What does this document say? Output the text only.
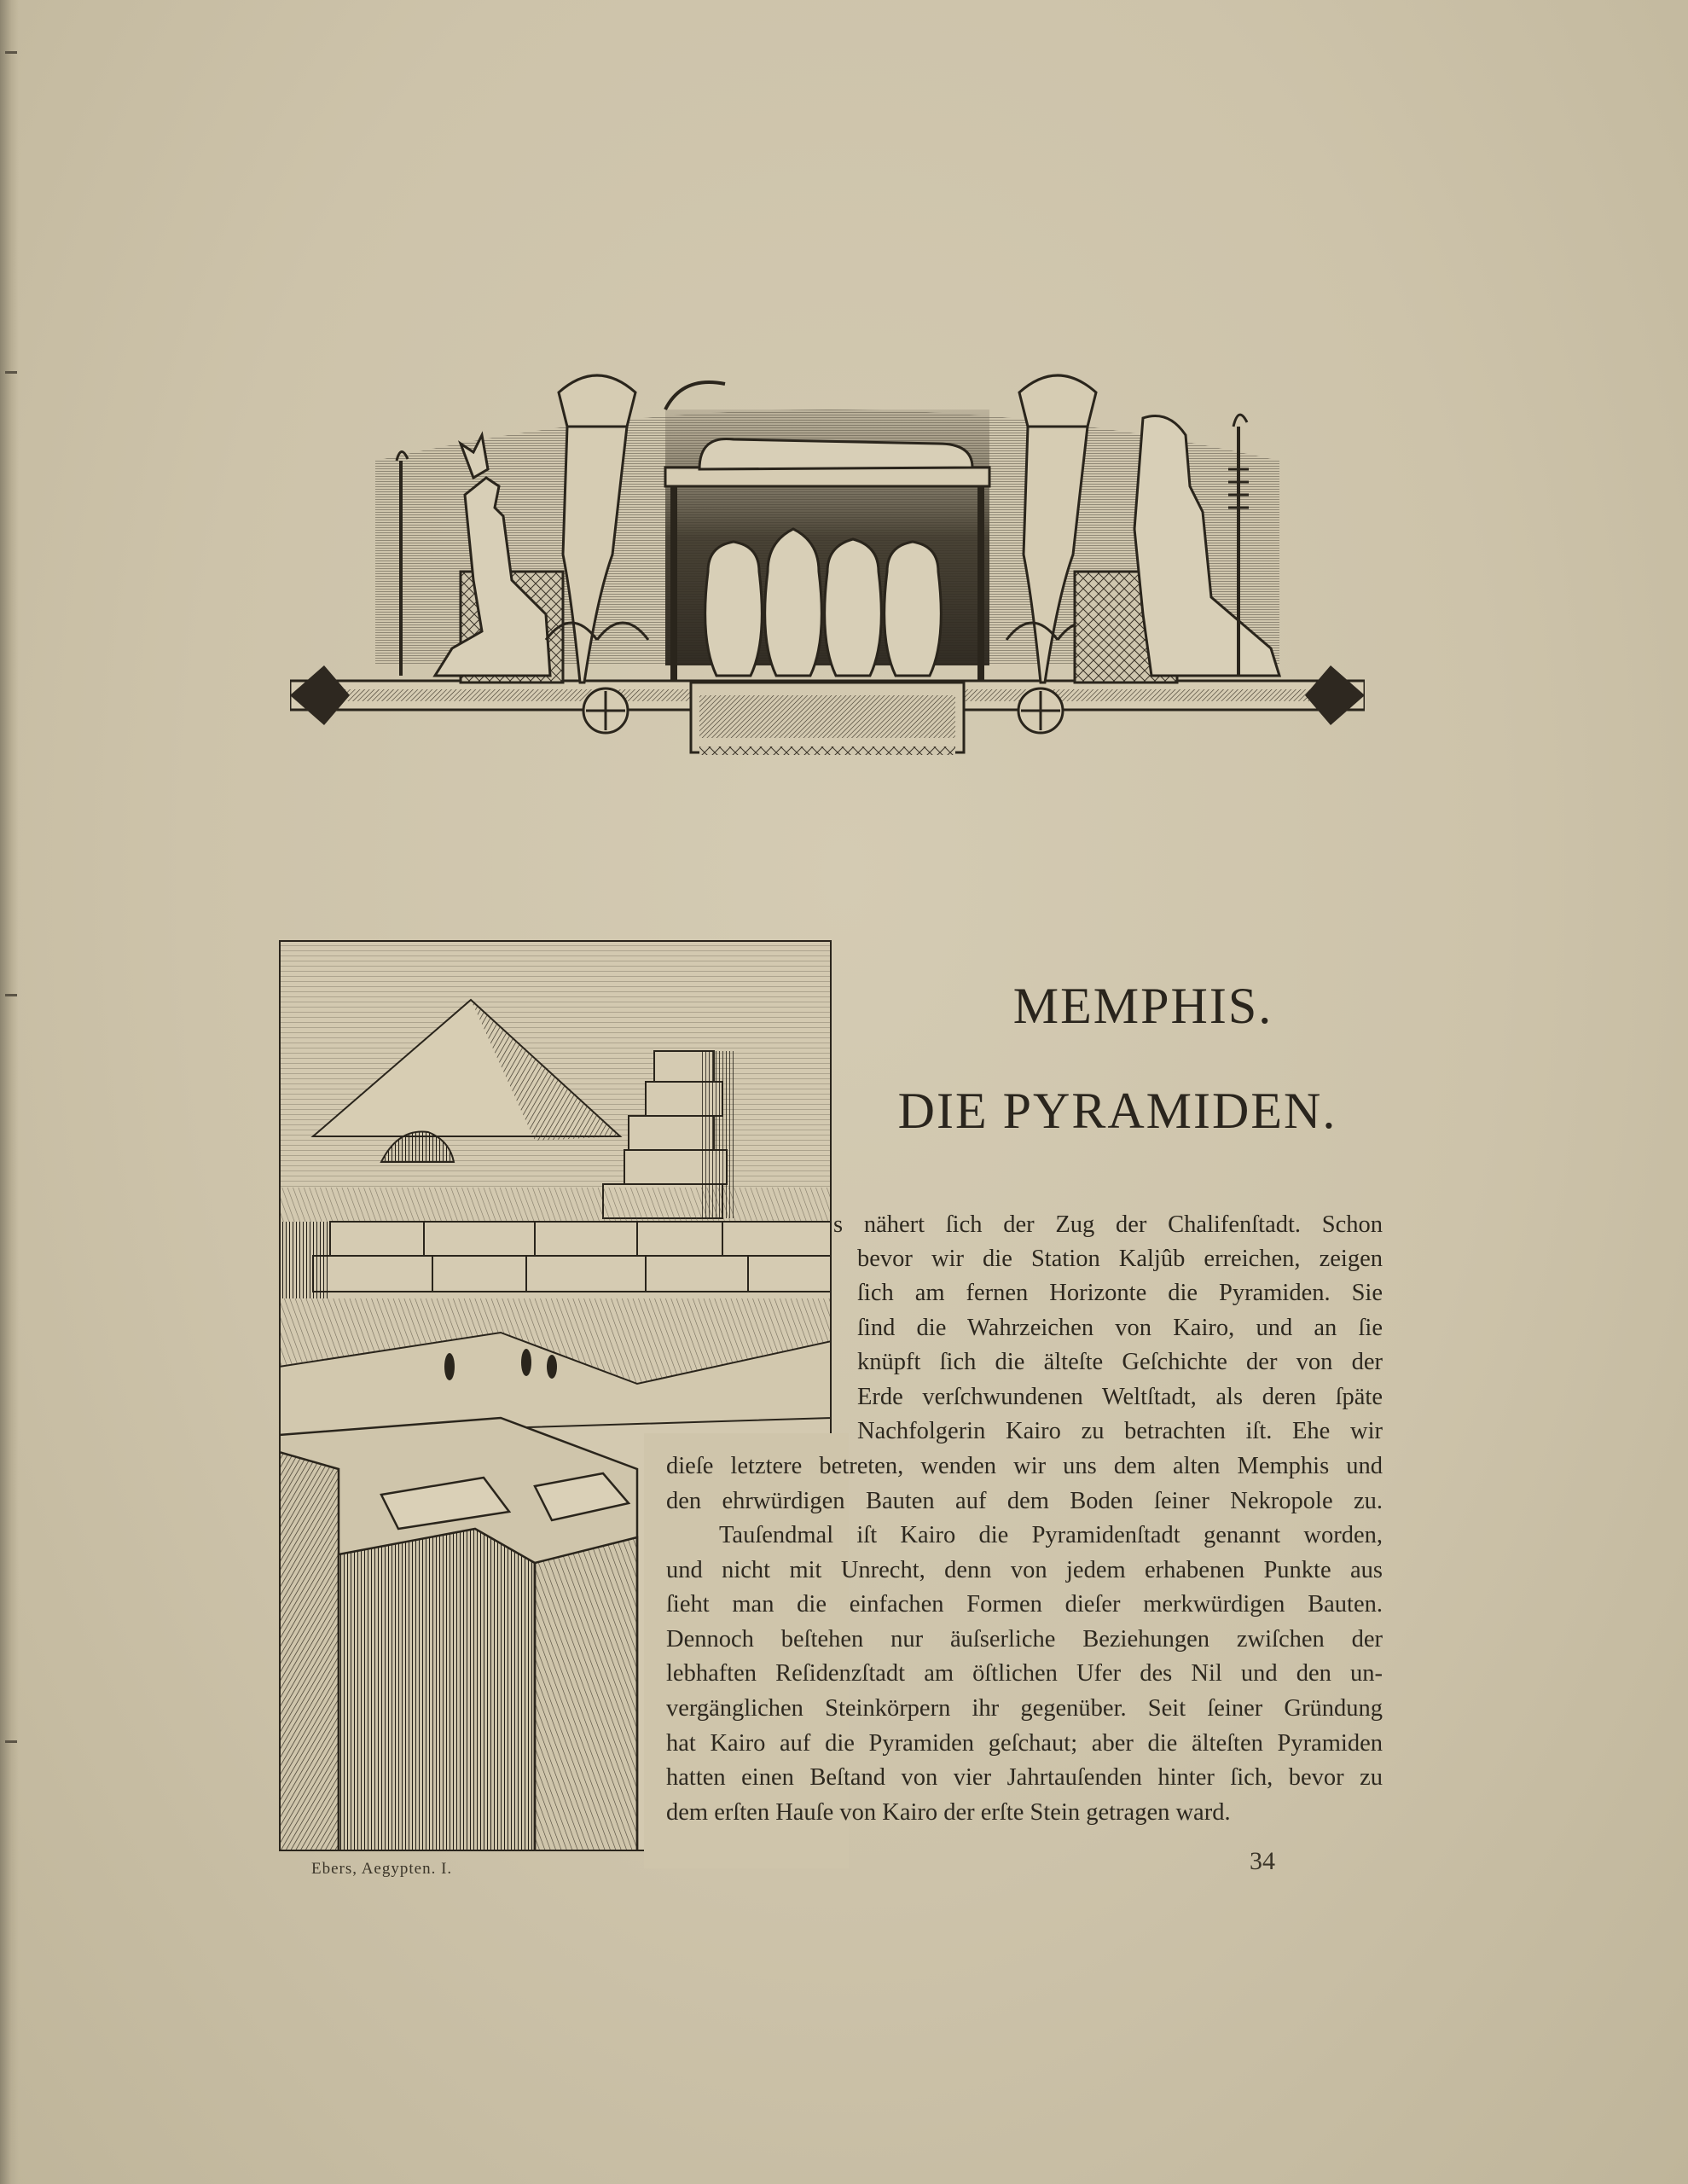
MEMPHIS.
DIE PYRAMIDEN.
s nähert ſich der Zug der Chalifenſtadt. Schon
bevor wir die Station Kaljûb erreichen, zeigen
ſich am fernen Horizonte die Pyramiden. Sie
ſind die Wahrzeichen von Kairo, und an ſie
knüpft ſich die älteſte Geſchichte der von der
Erde verſchwundenen Weltſtadt, als deren ſpäte
Nachfolgerin Kairo zu betrachten iſt. Ehe wir
dieſe letztere betreten, wenden wir uns dem alten Memphis und
den ehrwürdigen Bauten auf dem Boden ſeiner Nekropole zu.
Tauſendmal iſt Kairo die Pyramidenſtadt genannt worden,
und nicht mit Unrecht, denn von jedem erhabenen Punkte aus
ſieht man die einfachen Formen dieſer merkwürdigen Bauten.
Dennoch beſtehen nur äuſserliche Beziehungen zwiſchen der
lebhaften Reſidenzſtadt am öſtlichen Ufer des Nil und den un-
vergänglichen Steinkörpern ihr gegenüber. Seit ſeiner Gründung
hat Kairo auf die Pyramiden geſchaut; aber die älteſten Pyramiden
hatten einen Beſtand von vier Jahrtauſenden hinter ſich, bevor zu
dem erſten Hauſe von Kairo der erſte Stein getragen ward.
Ebers, Aegypten. I.	34
